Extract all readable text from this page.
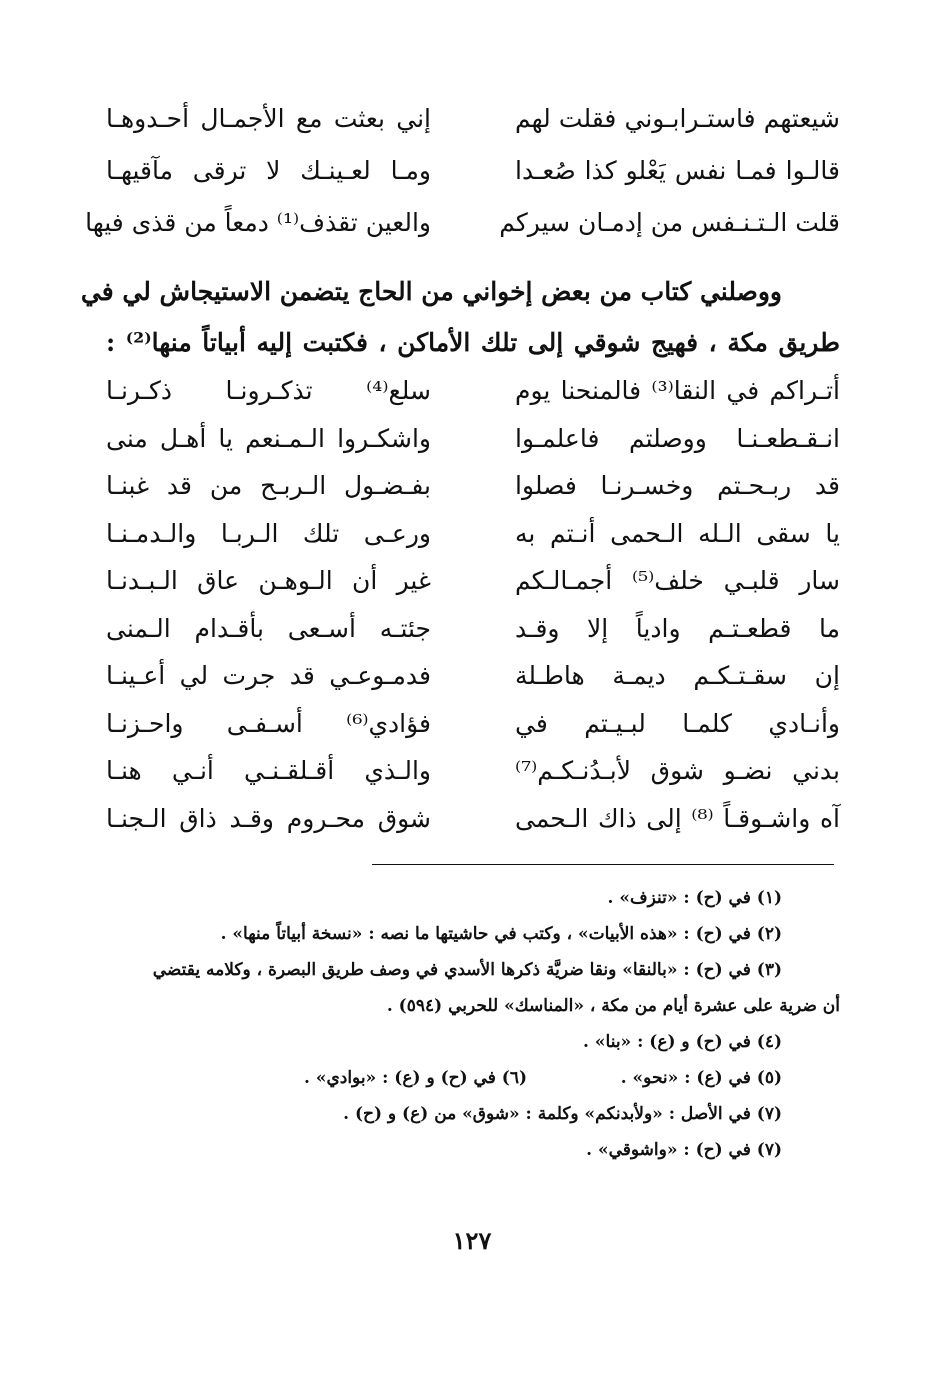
شيعتهم فاستـرابـوني فقلت لهم
إني بعثت مع الأجمـال أحـدوهـا
قالـوا فمـا نفس يَعْلو كذا صُعـدا
ومـا لعـينـك لا ترقى مآقيهـا
قلت الـتـنـفس من إدمـان سيركم
والعين تقذف⁽¹⁾ دمعاً من قذى فيها

ووصلني كتاب من بعض إخواني من الحاج يتضمن الاستيجاش لي في
طريق مكة ، فهيج شوقي إلى تلك الأماكن ، فكتبت إليه أبياتاً منها⁽²⁾ :

أتـراكم في النقا⁽³⁾ فالمنحنا يوم
سلع⁽⁴⁾ تذكـرونـا ذكـرنـا
انـقـطعـنـا ووصلتم فاعلمـوا
واشكـروا الـمـنعم يا أهـل منى
قد ربـحـتم وخسـرنـا فصلوا
بفـضـول الـربـح من قد غبنـا
يا سقى الـله الـحمى أنـتم به
ورعـى تلك الـربـا والـدمـنـا
سار قلبـي خلف⁽⁵⁾ أجمـالـكم
غير أن الـوهـن عاق الـبـدنـا
ما قطعـتـم وادياً إلا وقـد
جئتـه أسـعى بأقـدام الـمنى
إن سقـتـكـم ديمـة هاطـلة
فدمـوعـي قد جرت لي أعـينـا
وأنـادي كلمـا لبـيـتم في
فؤادي⁽⁶⁾ أسـفـى واحـزنـا
بدني نضـو شوق لأبـدُنـكـم⁽⁷⁾
والـذي أقـلقـنـي أنـي هنـا
آه واشـوقـاً ⁽⁸⁾ إلى ذاك الـحمى
شوق محـروم وقـد ذاق الـجنـا
(١) في (ح) : «تنزف» .
(٢) في (ح) : «هذه الأبيات» ، وكتب في حاشيتها ما نصه : «نسخة أبياتاً منها» .
(٣) في (ح) : «بالنقا» ونقا ضريَّة ذكرها الأسدي في وصف طريق البصرة ، وكلامه يقتضي
أن ضرية على عشرة أيام من مكة ، «المناسك» للحربي (٥٩٤) .
(٤) في (ح) و (ع) : «بنا» .
(٥) في (ع) : «نحو» .
(٦) في (ح) و (ع) : «بوادي» .
(٧) في الأصل : «ولأبدنكم» وكلمة : «شوق» من (ع) و (ح) .
(٧) في (ح) : «واشوقي» .
١٢٧
